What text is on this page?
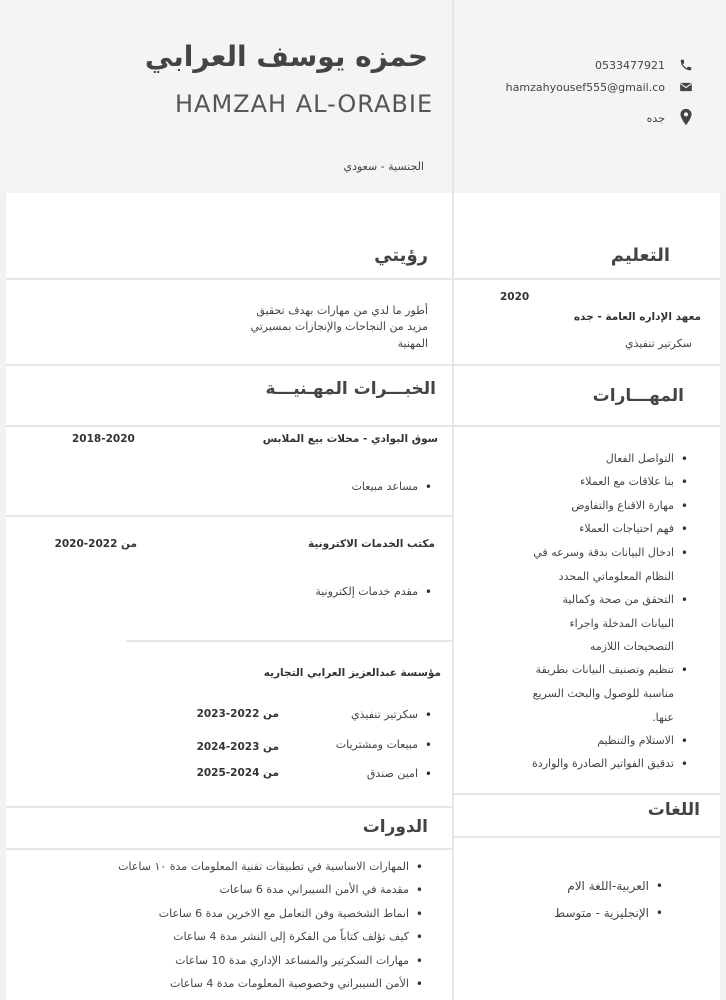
حمزه يوسف العرابي
HAMZAH AL-ORABIE
الجنسية - سعودي
0533477921
hamzahyousef555@gmail.co
جده
رؤيتي
أطور ما لدي من مهارات بهدف تحقيق
مزيد من النجاحات والإنجازات بمسيرتي
المهنية
التعليم
2020
معهد الإداره العامة - جده
سكرتير تنفيذي
الخبـــرات المهـنيـــة
سوق البوادي - محلات بيع الملابس
2018-2020
• مساعد مبيعات
مكتب الخدمات الاكترونية
من 2022-2020
• مقدم خدمات إلكترونية
مؤسسة عبدالعزيز العرابي التجاريه
• سكرتير تنفيذي
من 2022-2023
• مبيعات ومشتريات
من 2023-2024
• امين صندق
من 2024-2025
المهـــارات
• التواصل الفعال
• بنا علاقات مع العملاء
• مهارة الاقناع والتفاوض
• فهم احتياجات العملاء
• ادخال البيانات بدقة وسرعه في
النظام المعلوماتي المحدد
• التحقق من صحة وكمالية
البيانات المدخلة واجراء
التصحيحات اللازمه
• تنظيم وتصنيف البيانات بطريقة
مناسبة للوصول والبحث السريع
عنها.
• الاستلام والتنظيم
• تدقيق الفواتير الصادرة والواردة
اللغات
• العربية-اللغة الام
• الإنجليزية - متوسط
الدورات
• المهارات الاساسية في تطبيقات تقنية المعلومات مدة ١٠ ساعات
• مقدمة في الأمن السيبراني مدة 6 ساعات
• انماط الشخصية وفن التعامل مع الاخرين مدة 6 ساعات
• كيف تؤلف كتاباً من الفكرة إلى النشر مدة 4 ساعات
• مهارات السكرتير والمساعد الإداري مدة 10 ساعات
• الأمن السيبراني وخصوصية المعلومات مدة 4 ساعات
